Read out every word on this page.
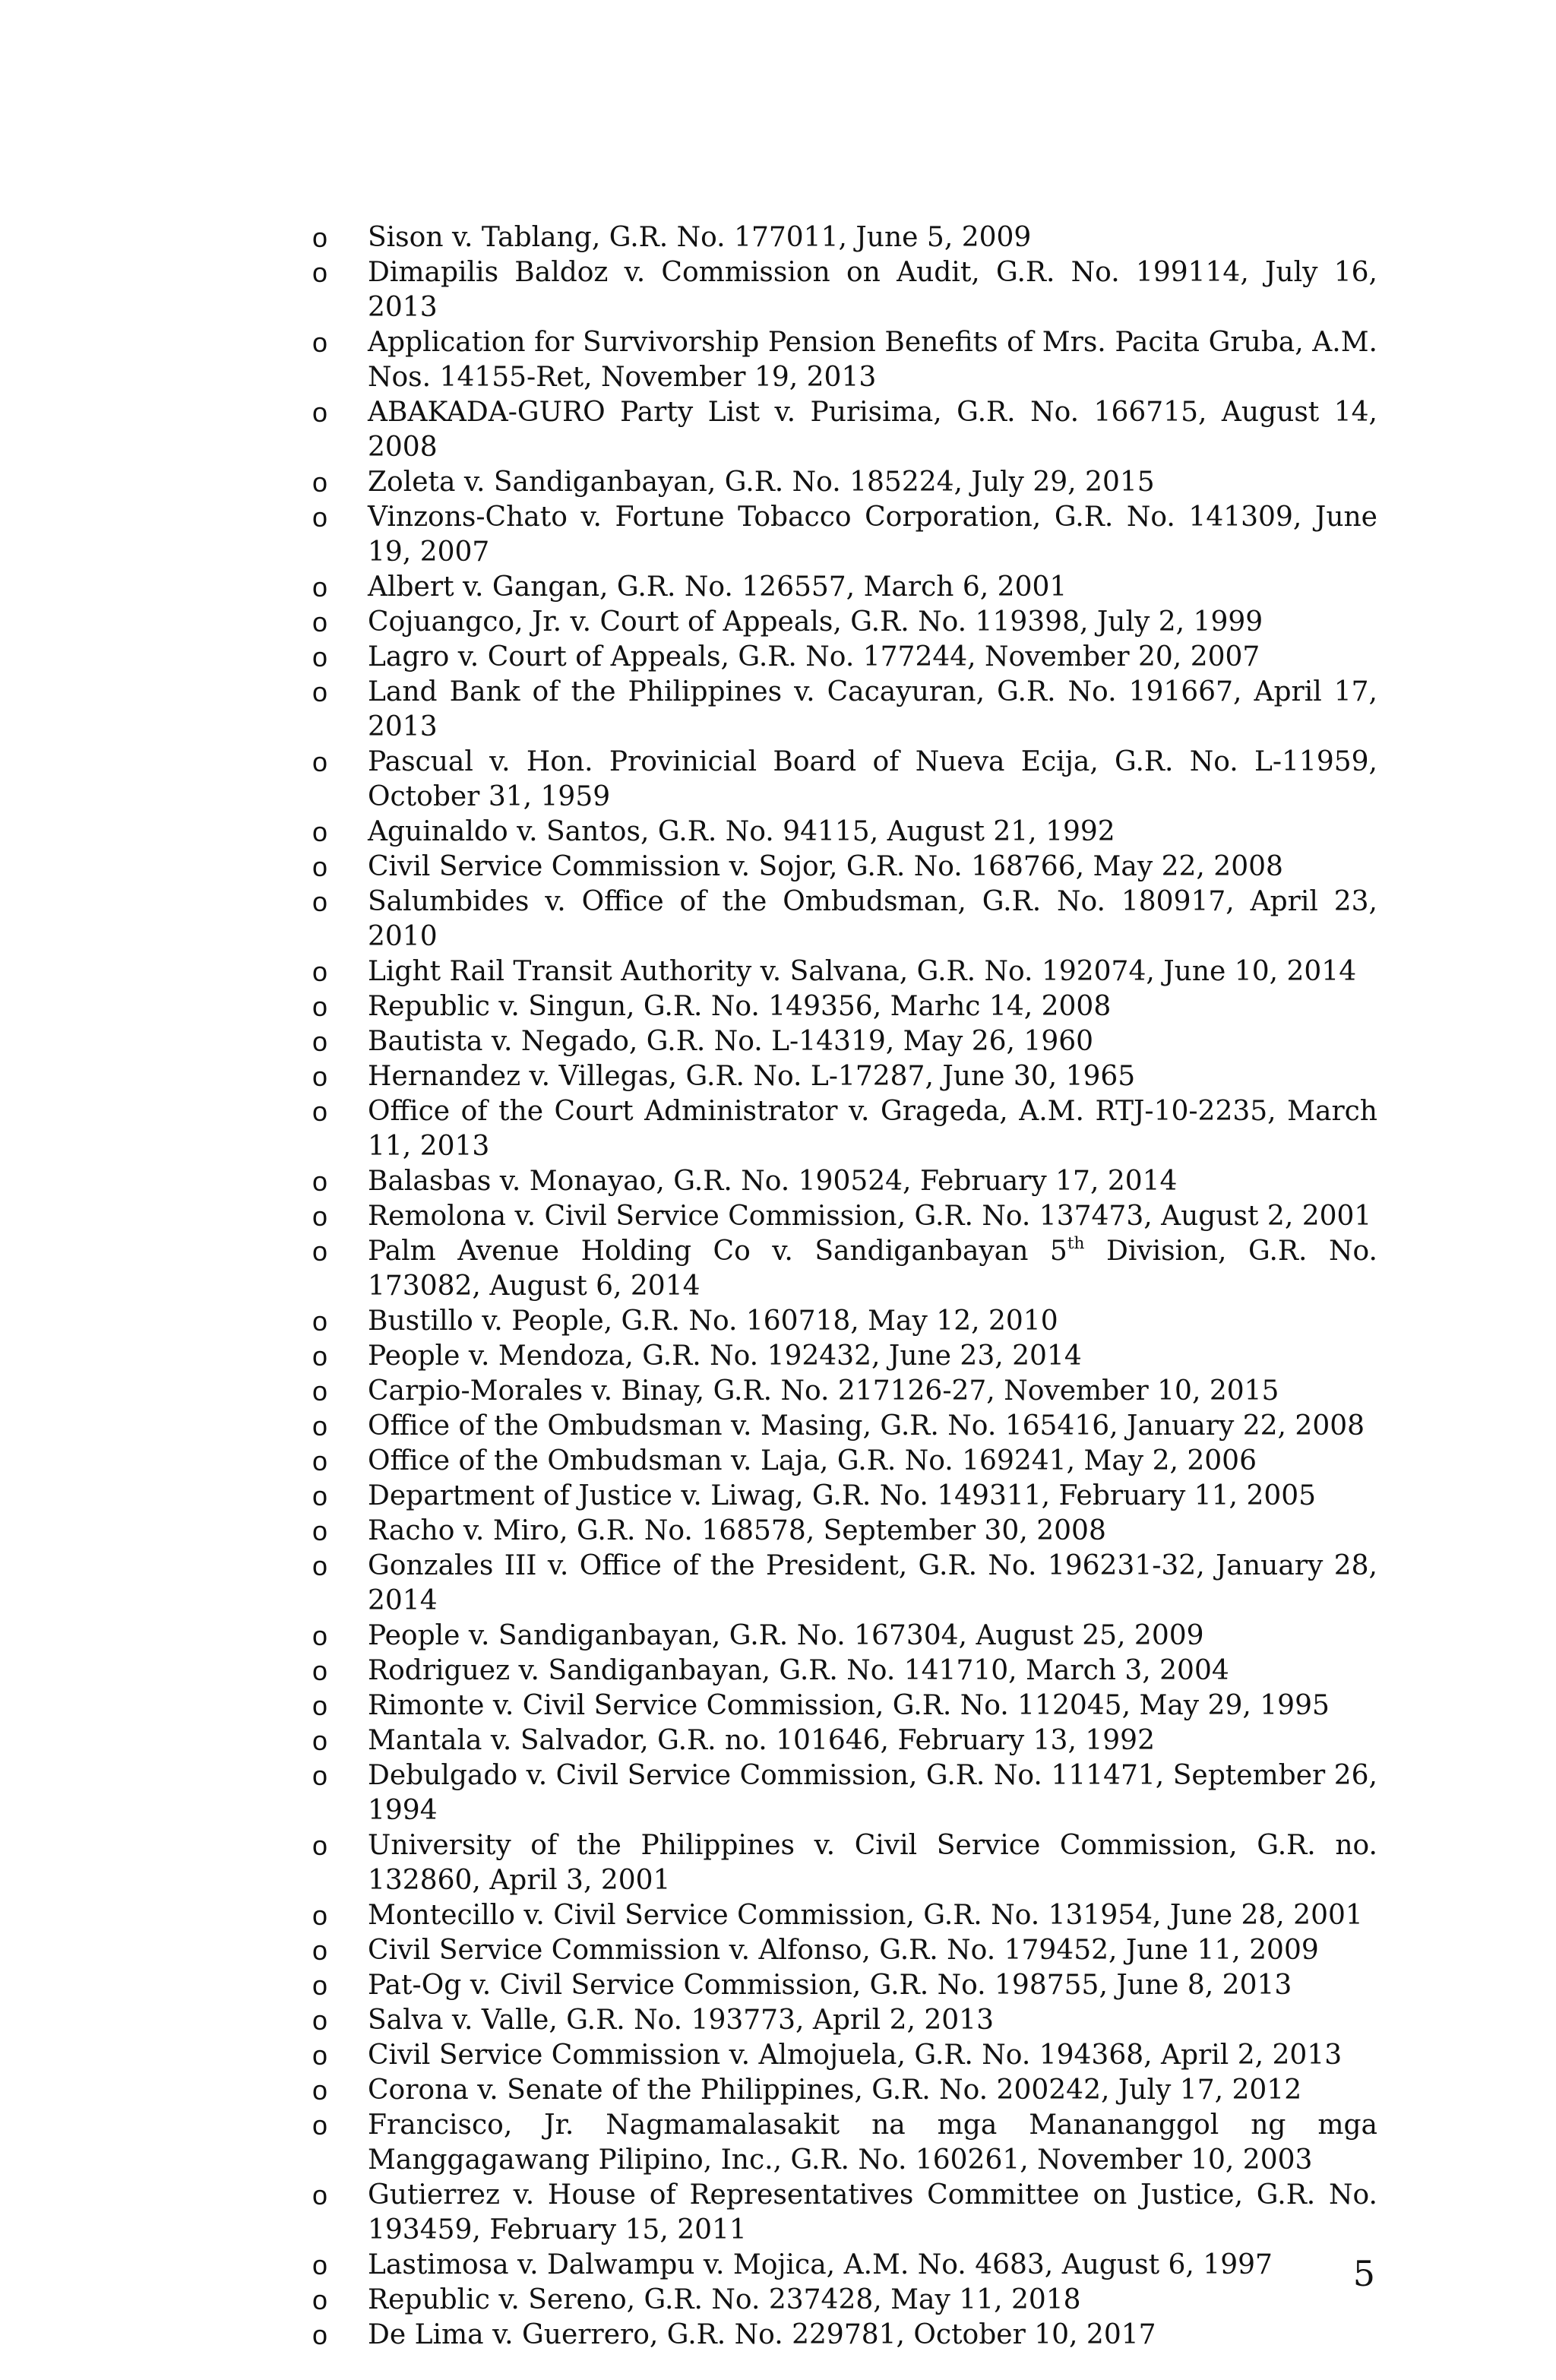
o Sison v. Tablang, G.R. No. 177011, June 5, 2009
o Dimapilis Baldoz v. Commission on Audit, G.R. No. 199114, July 16, 2013
o Application for Survivorship Pension Benefits of Mrs. Pacita Gruba, A.M. Nos. 14155-Ret, November 19, 2013
o ABAKADA-GURO Party List v. Purisima, G.R. No. 166715, August 14, 2008
o Zoleta v. Sandiganbayan, G.R. No. 185224, July 29, 2015
o Vinzons-Chato v. Fortune Tobacco Corporation, G.R. No. 141309, June 19, 2007
o Albert v. Gangan, G.R. No. 126557, March 6, 2001
o Cojuangco, Jr. v. Court of Appeals, G.R. No. 119398, July 2, 1999
o Lagro v. Court of Appeals, G.R. No. 177244, November 20, 2007
o Land Bank of the Philippines v. Cacayuran, G.R. No. 191667, April 17, 2013
o Pascual v. Hon. Provinicial Board of Nueva Ecija, G.R. No. L-11959, October 31, 1959
o Aguinaldo v. Santos, G.R. No. 94115, August 21, 1992
o Civil Service Commission v. Sojor, G.R. No. 168766, May 22, 2008
o Salumbides v. Office of the Ombudsman, G.R. No. 180917, April 23, 2010
o Light Rail Transit Authority v. Salvana, G.R. No. 192074, June 10, 2014
o Republic v. Singun, G.R. No. 149356, Marhc 14, 2008
o Bautista v. Negado, G.R. No. L-14319, May 26, 1960
o Hernandez v. Villegas, G.R. No. L-17287, June 30, 1965
o Office of the Court Administrator v. Grageda, A.M. RTJ-10-2235, March 11, 2013
o Balasbas v. Monayao, G.R. No. 190524, February 17, 2014
o Remolona v. Civil Service Commission, G.R. No. 137473, August 2, 2001
o Palm Avenue Holding Co v. Sandiganbayan 5th Division, G.R. No. 173082, August 6, 2014
o Bustillo v. People, G.R. No. 160718, May 12, 2010
o People v. Mendoza, G.R. No. 192432, June 23, 2014
o Carpio-Morales v. Binay, G.R. No. 217126-27, November 10, 2015
o Office of the Ombudsman v. Masing, G.R. No. 165416, January 22, 2008
o Office of the Ombudsman v. Laja, G.R. No. 169241, May 2, 2006
o Department of Justice v. Liwag, G.R. No. 149311, February 11, 2005
o Racho v. Miro, G.R. No. 168578, September 30, 2008
o Gonzales III v. Office of the President, G.R. No. 196231-32, January 28, 2014
o People v. Sandiganbayan, G.R. No. 167304, August 25, 2009
o Rodriguez v. Sandiganbayan, G.R. No. 141710, March 3, 2004
o Rimonte v. Civil Service Commission, G.R. No. 112045, May 29, 1995
o Mantala v. Salvador, G.R. no. 101646, February 13, 1992
o Debulgado v. Civil Service Commission, G.R. No. 111471, September 26, 1994
o University of the Philippines v. Civil Service Commission, G.R. no. 132860, April 3, 2001
o Montecillo v. Civil Service Commission, G.R. No. 131954, June 28, 2001
o Civil Service Commission v. Alfonso, G.R. No. 179452, June 11, 2009
o Pat-Og v. Civil Service Commission, G.R. No. 198755, June 8, 2013
o Salva v. Valle, G.R. No. 193773, April 2, 2013
o Civil Service Commission v. Almojuela, G.R. No. 194368, April 2, 2013
o Corona v. Senate of the Philippines, G.R. No. 200242, July 17, 2012
o Francisco, Jr. Nagmamalasakit na mga Manananggol ng mga Manggagawang Pilipino, Inc., G.R. No. 160261, November 10, 2003
o Gutierrez v. House of Representatives Committee on Justice, G.R. No. 193459, February 15, 2011
o Lastimosa v. Dalwampu v. Mojica, A.M. No. 4683, August 6, 1997
o Republic v. Sereno, G.R. No. 237428, May 11, 2018
o De Lima v. Guerrero, G.R. No. 229781, October 10, 2017
5
